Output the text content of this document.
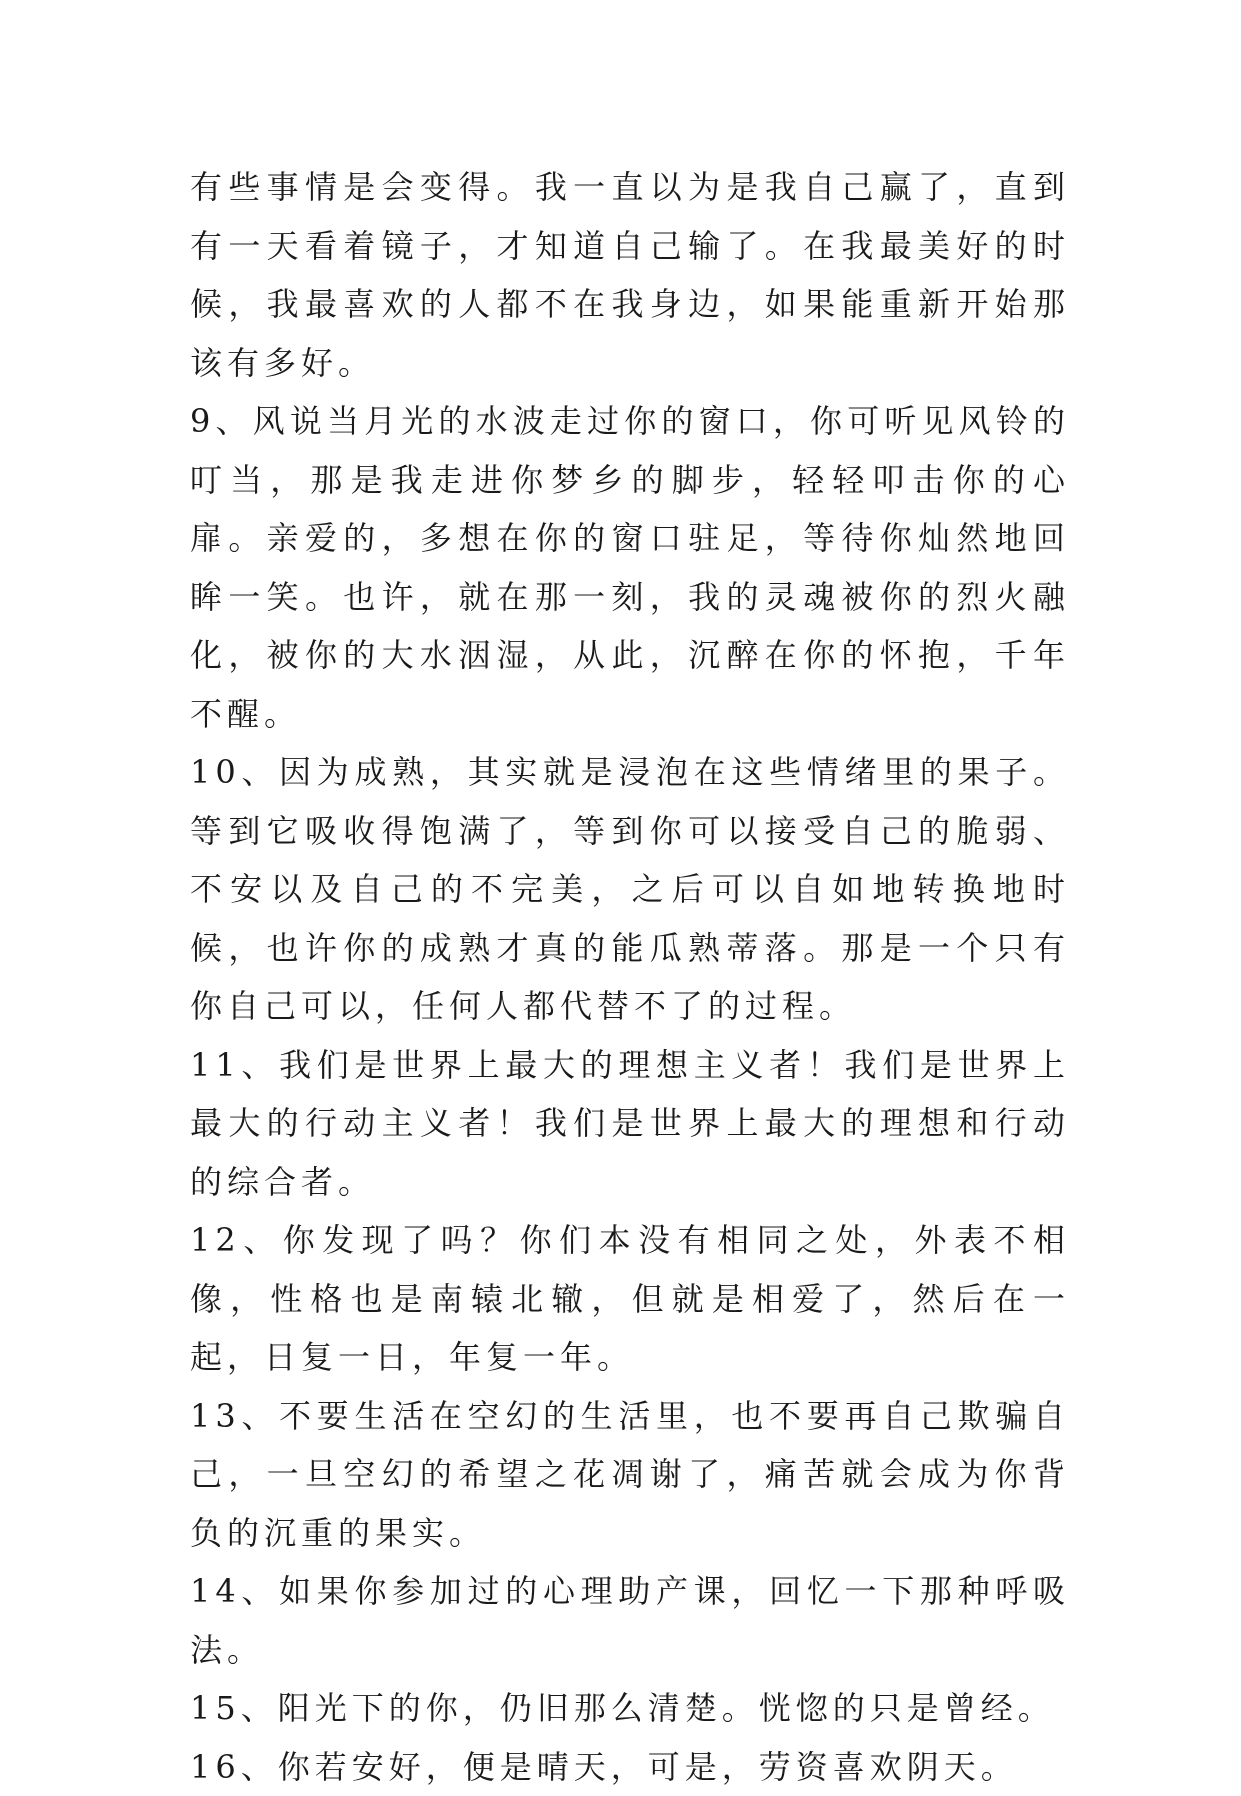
有些事情是会变得。我一直以为是我自己赢了，直到有一天看着镜子，才知道自己输了。在我最美好的时候，我最喜欢的人都不在我身边，如果能重新开始那该有多好。

9、风说当月光的水波走过你的窗口，你可听见风铃的叮当，那是我走进你梦乡的脚步，轻轻叩击你的心扉。亲爱的，多想在你的窗口驻足，等待你灿然地回眸一笑。也许，就在那一刻，我的灵魂被你的烈火融化，被你的大水洇湿，从此，沉醉在你的怀抱，千年不醒。

10、因为成熟，其实就是浸泡在这些情绪里的果子。等到它吸收得饱满了，等到你可以接受自己的脆弱、不安以及自己的不完美，之后可以自如地转换地时候，也许你的成熟才真的能瓜熟蒂落。那是一个只有你自己可以，任何人都代替不了的过程。

11、我们是世界上最大的理想主义者！我们是世界上最大的行动主义者！我们是世界上最大的理想和行动的综合者。

12、你发现了吗？你们本没有相同之处，外表不相像，性格也是南辕北辙，但就是相爱了，然后在一起，日复一日，年复一年。

13、不要生活在空幻的生活里，也不要再自己欺骗自己，一旦空幻的希望之花凋谢了，痛苦就会成为你背负的沉重的果实。

14、如果你参加过的心理助产课，回忆一下那种呼吸法。

15、阳光下的你，仍旧那么清楚。恍惚的只是曾经。

16、你若安好，便是晴天，可是，劳资喜欢阴天。
